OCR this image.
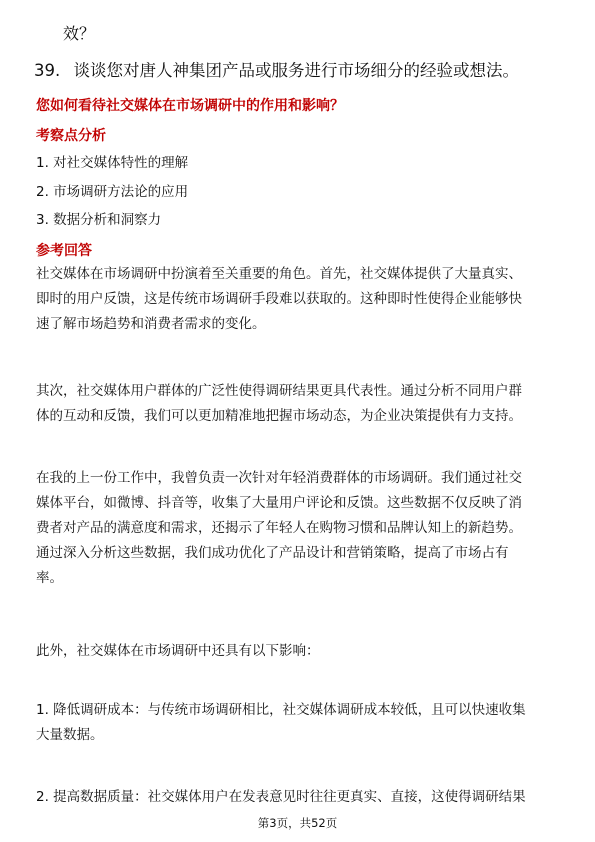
效？
39. 谈谈您对唐人神集团产品或服务进行市场细分的经验或想法。
您如何看待社交媒体在市场调研中的作用和影响？
考察点分析
1. 对社交媒体特性的理解
2. 市场调研方法论的应用
3. 数据分析和洞察力
参考回答
社交媒体在市场调研中扮演着至关重要的角色。首先，社交媒体提供了大量真实、
即时的用户反馈，这是传统市场调研手段难以获取的。这种即时性使得企业能够快
速了解市场趋势和消费者需求的变化。
其次，社交媒体用户群体的广泛性使得调研结果更具代表性。通过分析不同用户群
体的互动和反馈，我们可以更加精准地把握市场动态，为企业决策提供有力支持。
在我的上一份工作中，我曾负责一次针对年轻消费群体的市场调研。我们通过社交
媒体平台，如微博、抖音等，收集了大量用户评论和反馈。这些数据不仅反映了消
费者对产品的满意度和需求，还揭示了年轻人在购物习惯和品牌认知上的新趋势。
通过深入分析这些数据，我们成功优化了产品设计和营销策略，提高了市场占有
率。
此外，社交媒体在市场调研中还具有以下影响：
1. 降低调研成本：与传统市场调研相比，社交媒体调研成本较低，且可以快速收集
大量数据。
2. 提高数据质量：社交媒体用户在发表意见时往往更真实、直接，这使得调研结果
第3页，共52页
